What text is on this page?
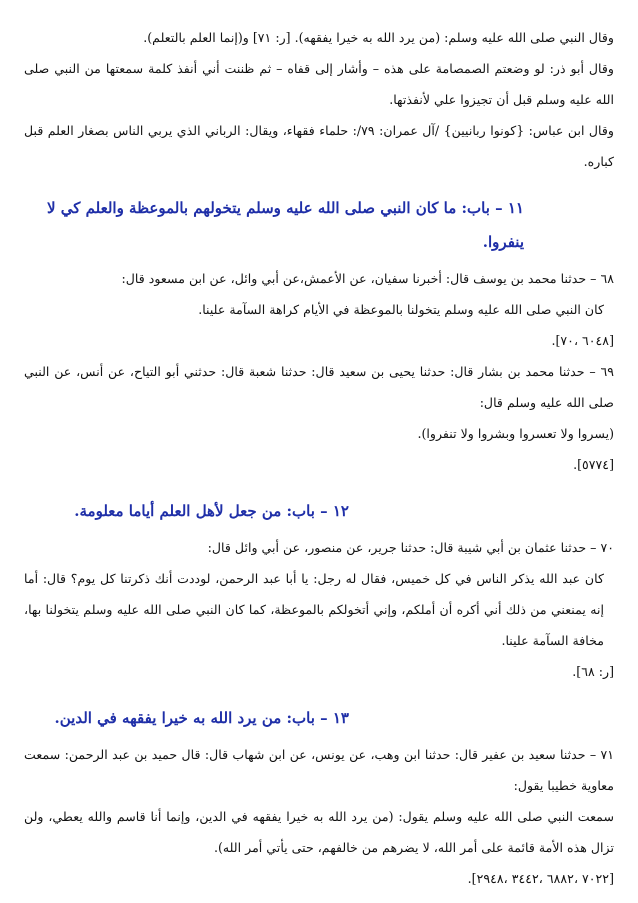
وقال النبي صلى الله عليه وسلم: (من يرد الله به خيرا يفقهه). [ر: ٧١] و(إنما العلم بالتعلم).

وقال أبو ذر: لو وضعتم الصمصامة على هذه – وأشار إلى قفاه – ثم ظننت أني أنفذ كلمة سمعتها من النبي صلى الله عليه وسلم قبل أن تجيزوا علي لأنفذتها.

وقال ابن عباس: {كونوا ربانيين} /آل عمران: ٧٩/: حلماء فقهاء، ويقال: الرباني الذي يربي الناس بصغار العلم قبل كباره.

١١ – باب: ما كان النبي صلى الله عليه وسلم يتخولهم بالموعظة والعلم كي لا ينفروا.

٦٨ – حدثنا محمد بن يوسف قال: أخبرنا سفيان، عن الأعمش،عن أبي وائل، عن ابن مسعود قال:

كان النبي صلى الله عليه وسلم يتخولنا بالموعظة في الأيام كراهة السآمة علينا.

[٦٠٤٨ ،٧٠].

٦٩ – حدثنا محمد بن بشار قال: حدثنا يحيى بن سعيد قال: حدثنا شعبة قال: حدثني أبو التياح، عن أنس، عن النبي صلى الله عليه وسلم قال:

(يسروا ولا تعسروا وبشروا ولا تنفروا).

[٥٧٧٤].

١٢ – باب: من جعل لأهل العلم أياما معلومة.

٧٠ – حدثنا عثمان بن أبي شيبة قال: حدثنا جرير، عن منصور، عن أبي وائل قال:

كان عبد الله يذكر الناس في كل خميس، فقال له رجل: يا أبا عبد الرحمن، لوددت أنك ذكرتنا كل يوم؟ قال: أما إنه يمنعني من ذلك أني أكره أن أملكم، وإني أتخولكم بالموعظة، كما كان النبي صلى الله عليه وسلم يتخولنا بها، مخافة السآمة علينا.

[ر: ٦٨].

١٣ – باب: من يرد الله به خيرا يفقهه في الدين.

٧١ – حدثنا سعيد بن عفير قال: حدثنا ابن وهب، عن يونس، عن ابن شهاب قال: قال حميد بن عبد الرحمن: سمعت معاوية خطيبا يقول:

سمعت النبي صلى الله عليه وسلم يقول: (من يرد الله به خيرا يفقهه في الدين، وإنما أنا قاسم والله يعطي، ولن تزال هذه الأمة قائمة على أمر الله، لا يضرهم من خالفهم، حتى يأتي أمر الله).

[٧٠٢٢ ،٦٨٨٢ ،٣٤٤٢ ،٢٩٤٨].
